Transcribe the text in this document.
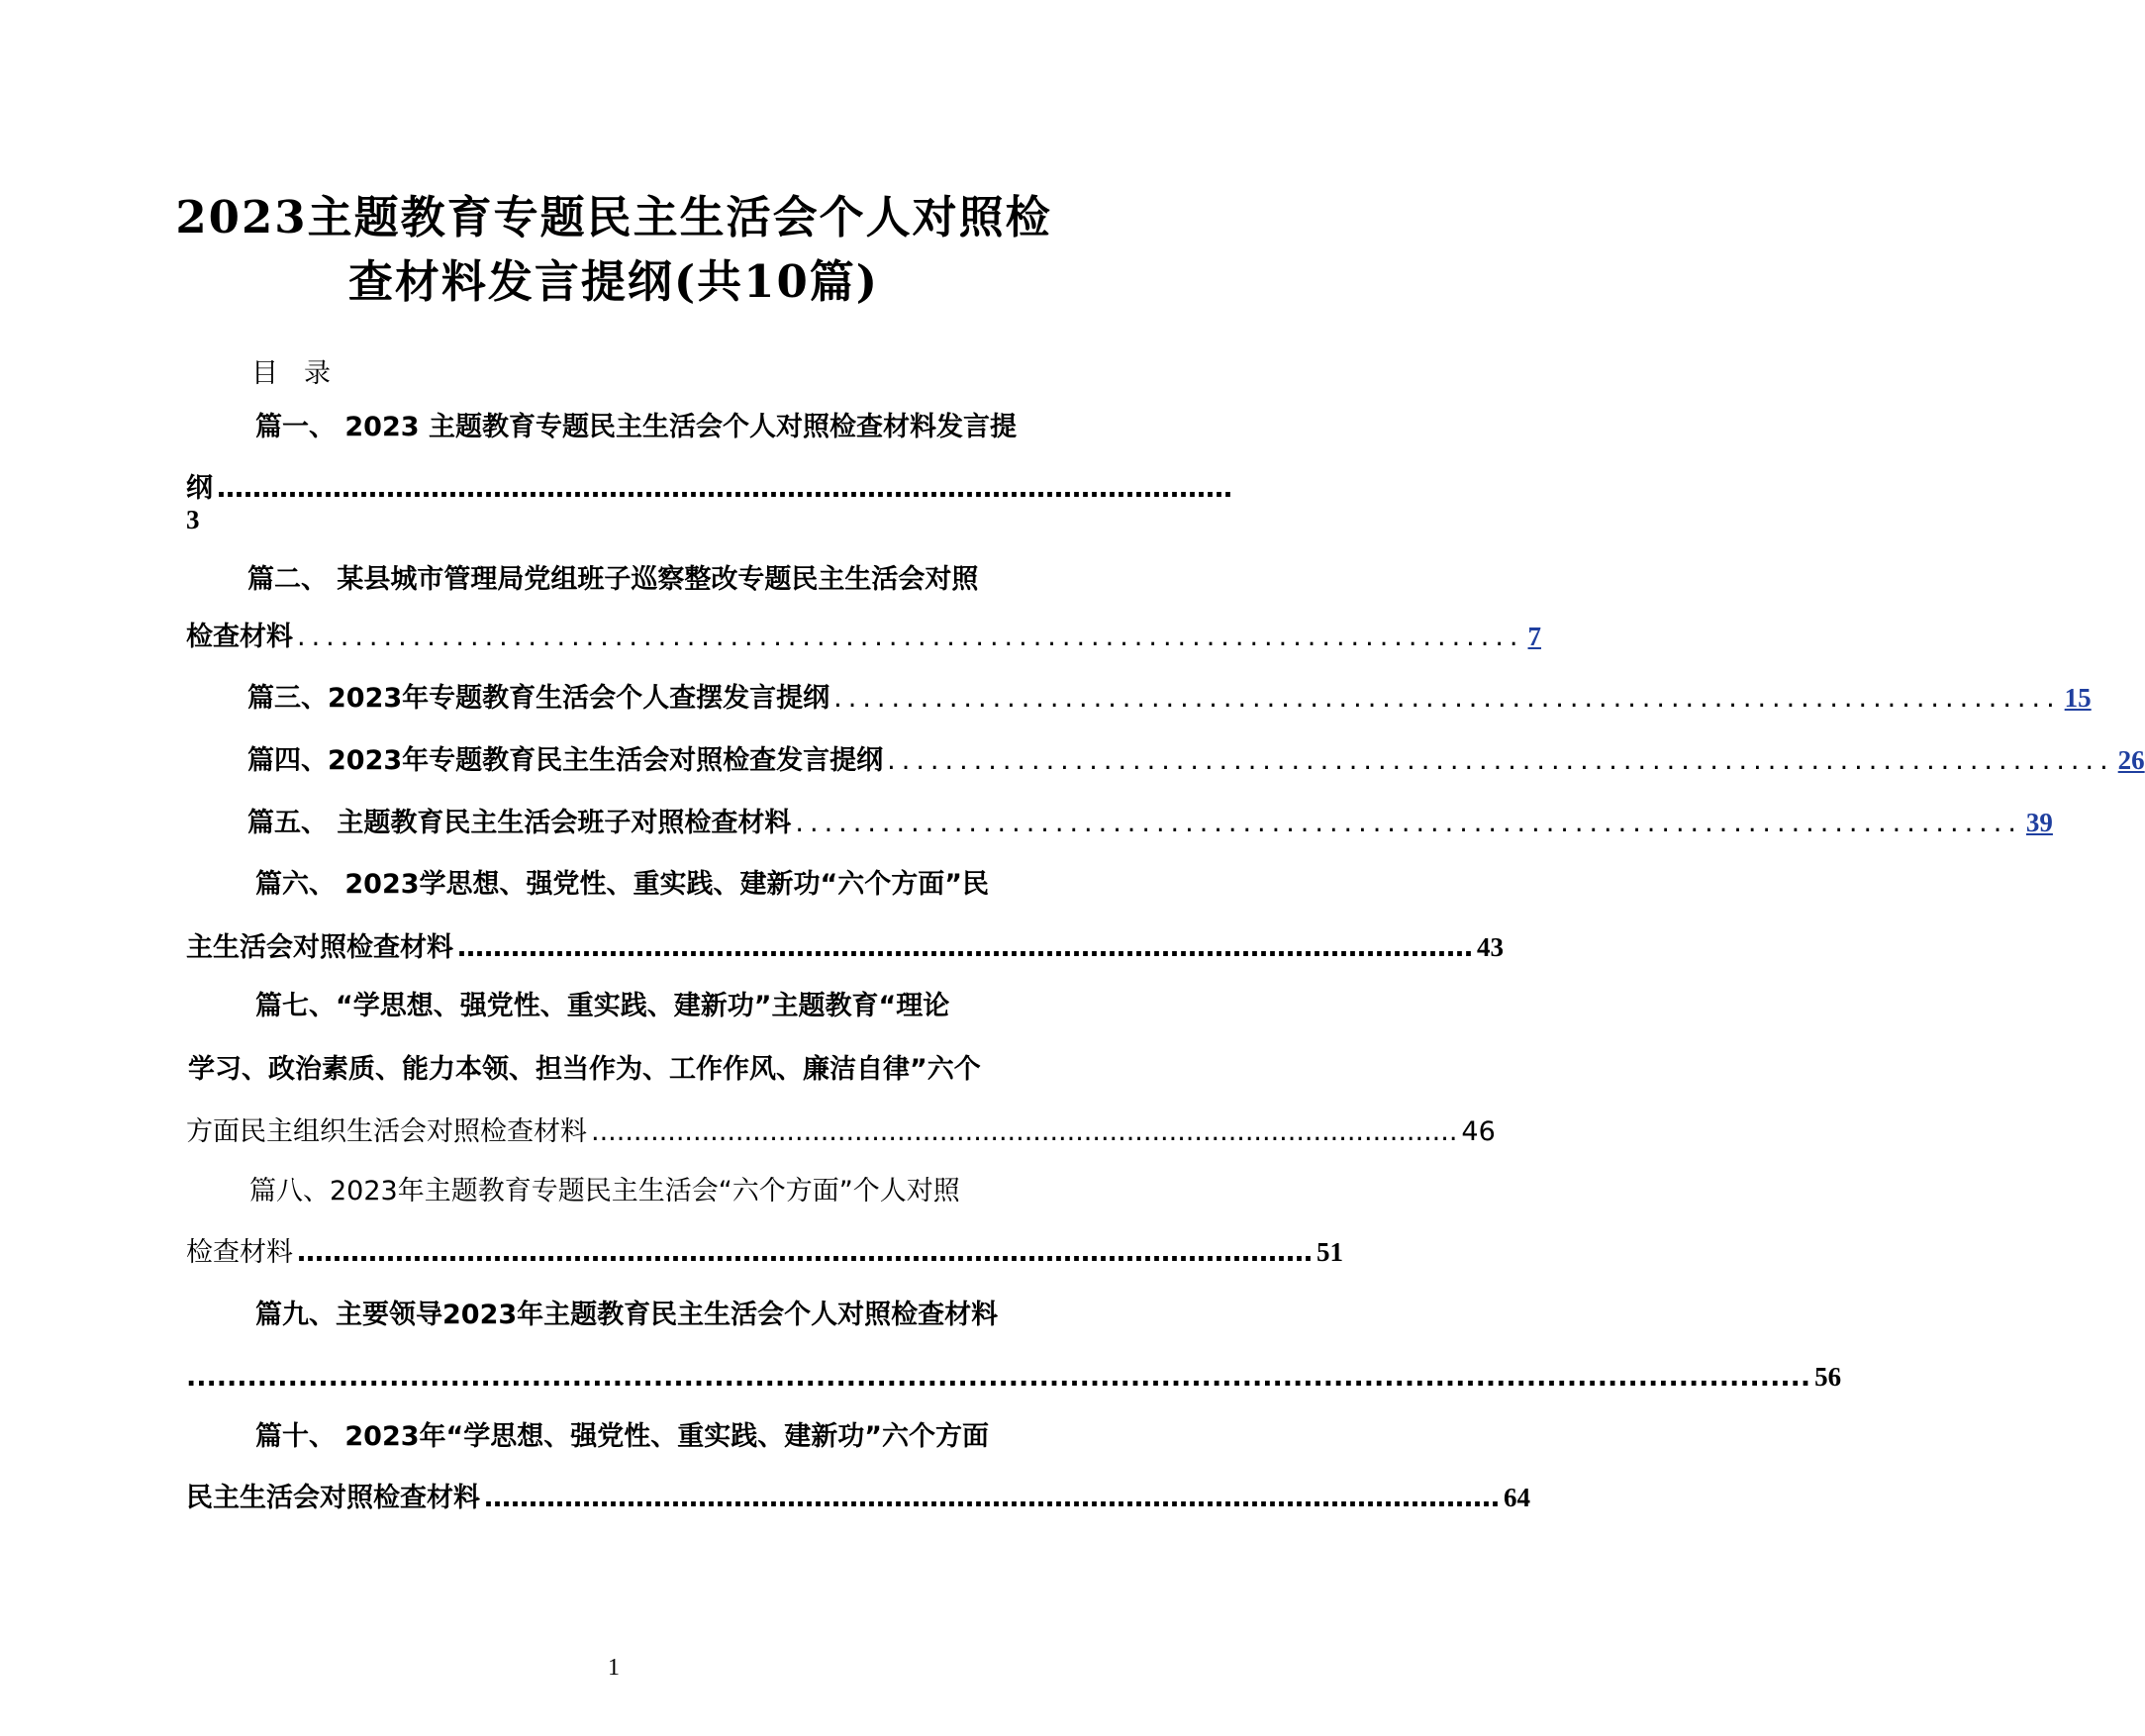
2023主题教育专题民主生活会个人对照检
查材料发言提纲(共10篇)
目录
篇一、 2023 主题教育专题民主生活会个人对照检查材料发言提
纲 ……………………………………………………………………………………………………
3
篇二、 某县城市管理局党组班子巡察整改专题民主生活会对照
检查材料 ..................................................................................... 7
篇三、2023年专题教育生活会个人查摆发言提纲 ..................................................................................... 15
篇四、2023年专题教育民主生活会对照检查发言提纲 ..................................................................................... 26
篇五、 主题教育民主生活会班子对照检查材料 ..................................................................................... 39
篇六、 2023学思想、强党性、重实践、建新功“六个方面”民
主生活会对照检查材料 …………………………………………………………………………………………………… 43
篇七、“学思想、强党性、重实践、建新功”主题教育“理论
学习、政治素质、能力本领、担当作为、工作作风、廉洁自律”六个
方面民主组织生活会对照检查材料 ...................................................................................................... 46
篇八、2023年主题教育专题民主生活会“六个方面”个人对照
检查材料 …………………………………………………………………………………………………… 51
篇九、主要领导2023年主题教育民主生活会个人对照检查材料
................................................................................................................................................................ 56
篇十、 2023年“学思想、强党性、重实践、建新功”六个方面
民主生活会对照检查材料 …………………………………………………………………………………………………… 64
1
